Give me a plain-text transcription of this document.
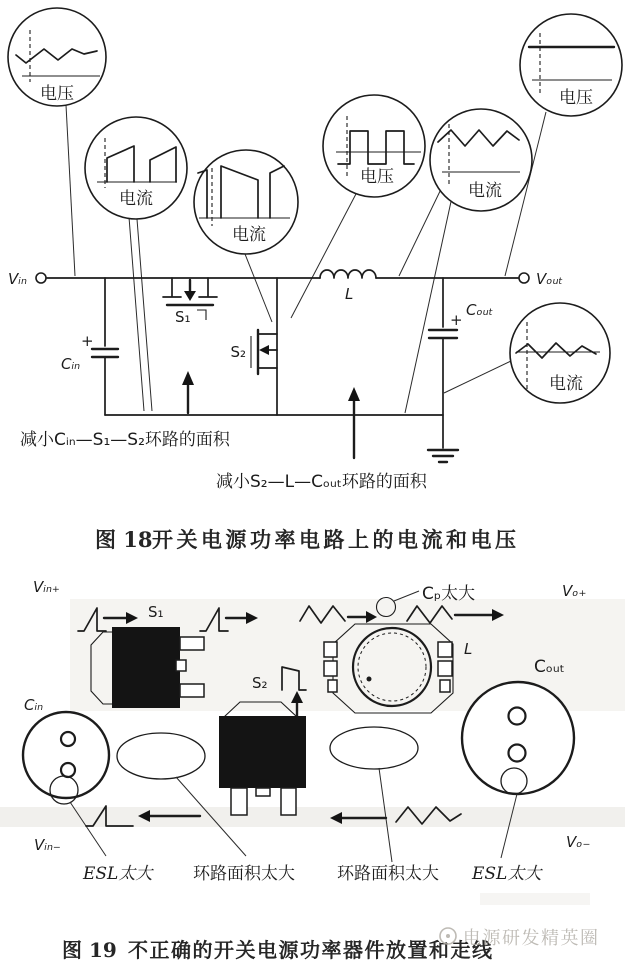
Vᵢₙ	Vₒᵤₜ
L
S₁
+
Cᵢₙ
S₂
+
Cₒᵤₜ
减小Cᵢₙ—S₁—S₂环路的面积
减小S₂—L—Cₒᵤₜ环路的面积
电压
电流
电流
电压
电流
电压
电流
图 18 开关电源功率电路上的电流和电压
Vᵢₙ₊	Vₒ₊
Vᵢₙ₋	Vₒ₋
Cₚ太大
S₁
L
Cᵢₙ
Cₒᵤₜ
S₂
ESL太大 环路面积太大 环路面积太大 ESL太大
图 19 不正确的开关电源功率器件放置和走线
电源研发精英圈
